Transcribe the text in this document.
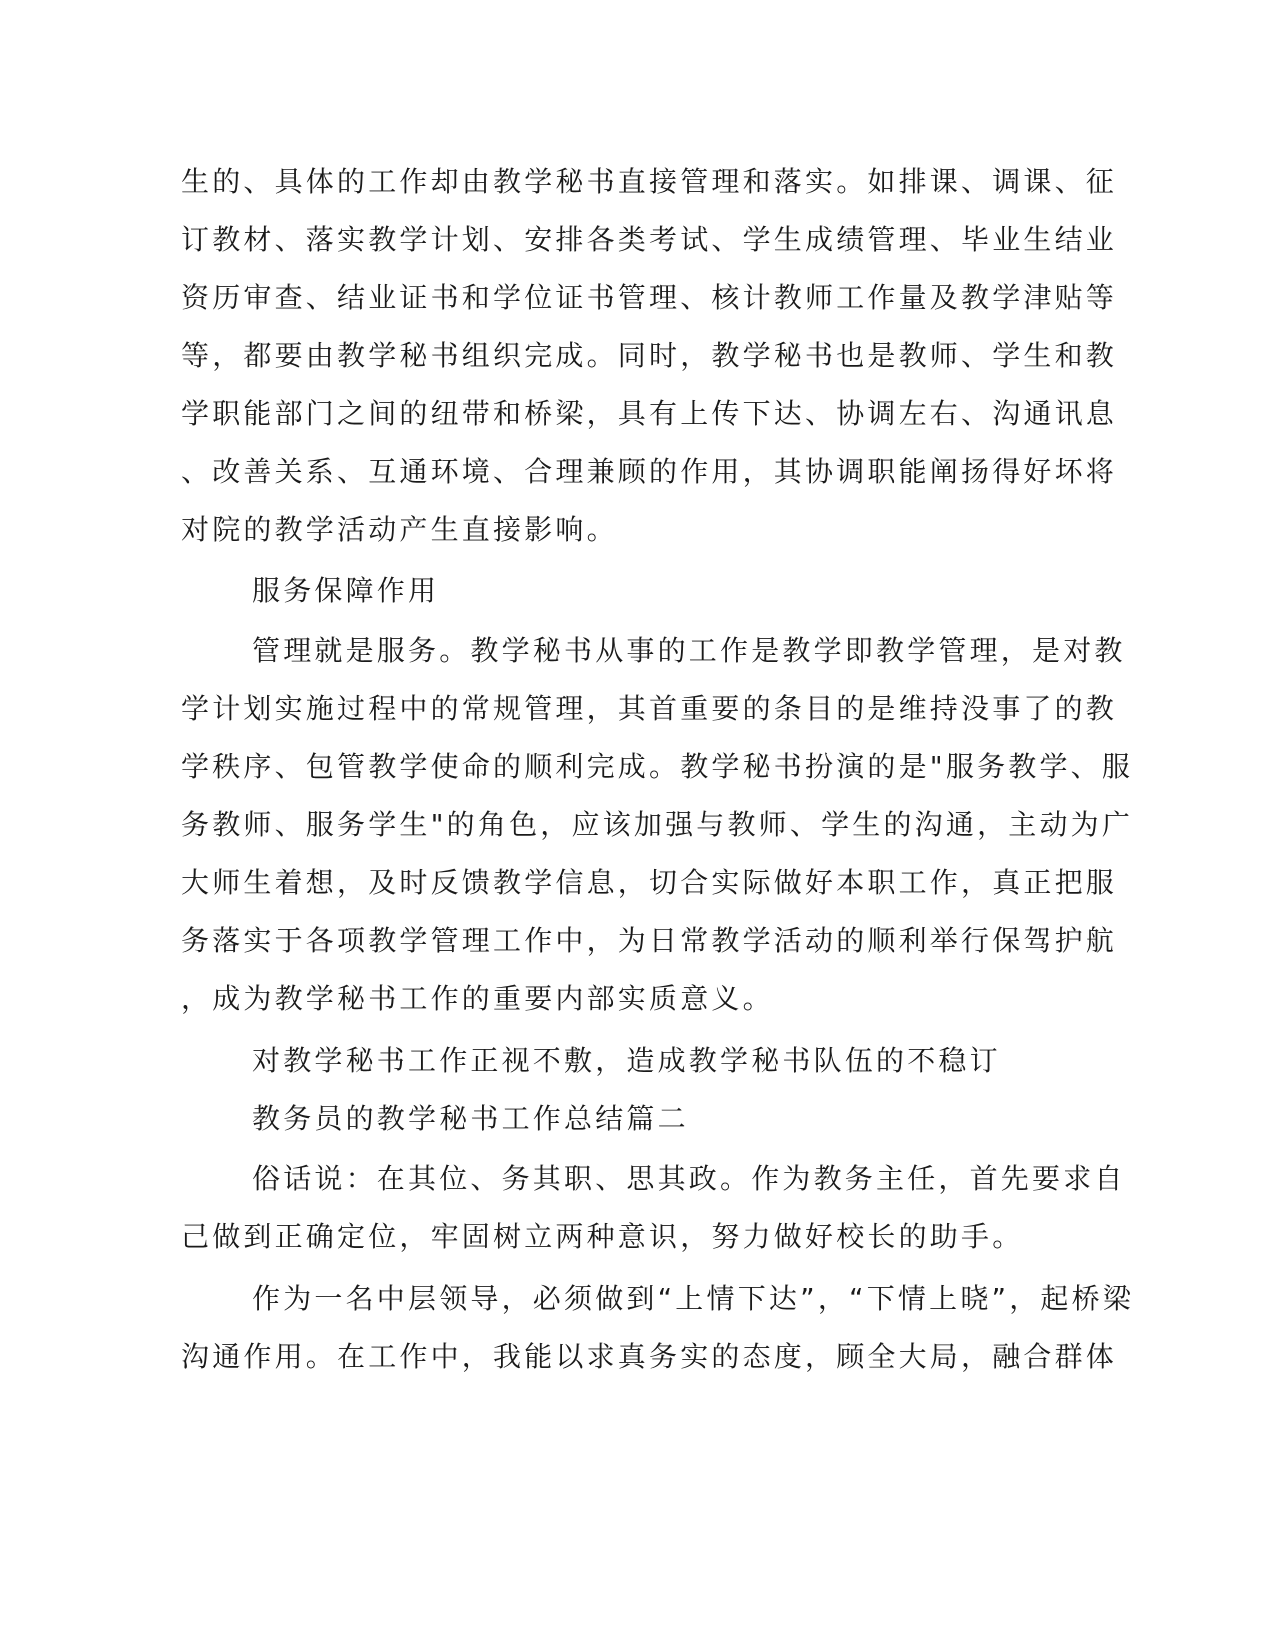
生的、具体的工作却由教学秘书直接管理和落实。如排课、调课、征
订教材、落实教学计划、安排各类考试、学生成绩管理、毕业生结业
资历审查、结业证书和学位证书管理、核计教师工作量及教学津贴等
等，都要由教学秘书组织完成。同时，教学秘书也是教师、学生和教
学职能部门之间的纽带和桥梁，具有上传下达、协调左右、沟通讯息
、改善关系、互通环境、合理兼顾的作用，其协调职能阐扬得好坏将
对院的教学活动产生直接影响。
服务保障作用
管理就是服务。教学秘书从事的工作是教学即教学管理，是对教
学计划实施过程中的常规管理，其首重要的条目的是维持没事了的教
学秩序、包管教学使命的顺利完成。教学秘书扮演的是"服务教学、服
务教师、服务学生"的角色，应该加强与教师、学生的沟通，主动为广
大师生着想，及时反馈教学信息，切合实际做好本职工作，真正把服
务落实于各项教学管理工作中，为日常教学活动的顺利举行保驾护航
，成为教学秘书工作的重要内部实质意义。
对教学秘书工作正视不敷，造成教学秘书队伍的不稳订
教务员的教学秘书工作总结篇二
俗话说：在其位、务其职、思其政。作为教务主任，首先要求自
己做到正确定位，牢固树立两种意识，努力做好校长的助手。
作为一名中层领导，必须做到“上情下达”，“下情上晓”，起桥梁
沟通作用。在工作中，我能以求真务实的态度，顾全大局，融合群体
